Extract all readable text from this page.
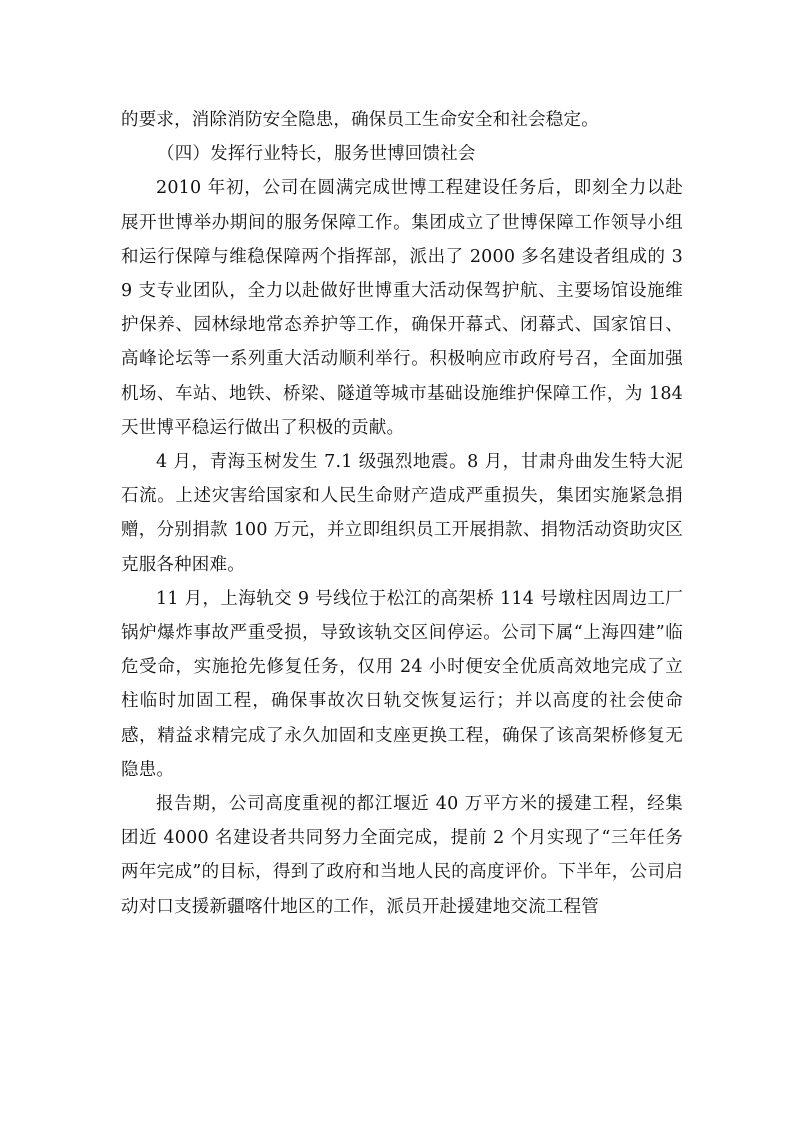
的要求，消除消防安全隐患，确保员工生命安全和社会稳定。

（四）发挥行业特长，服务世博回馈社会

2010 年初，公司在圆满完成世博工程建设任务后，即刻全力以赴展开世博举办期间的服务保障工作。集团成立了世博保障工作领导小组和运行保障与维稳保障两个指挥部，派出了 2000 多名建设者组成的 39 支专业团队，全力以赴做好世博重大活动保驾护航、主要场馆设施维护保养、园林绿地常态养护等工作，确保开幕式、闭幕式、国家馆日、高峰论坛等一系列重大活动顺利举行。积极响应市政府号召，全面加强机场、车站、地铁、桥梁、隧道等城市基础设施维护保障工作，为 184 天世博平稳运行做出了积极的贡献。

4 月，青海玉树发生 7.1 级强烈地震。8 月，甘肃舟曲发生特大泥石流。上述灾害给国家和人民生命财产造成严重损失，集团实施紧急捐赠，分别捐款 100 万元，并立即组织员工开展捐款、捐物活动资助灾区克服各种困难。

11 月，上海轨交 9 号线位于松江的高架桥 114 号墩柱因周边工厂锅炉爆炸事故严重受损，导致该轨交区间停运。公司下属“上海四建”临危受命，实施抢先修复任务，仅用 24 小时便安全优质高效地完成了立柱临时加固工程，确保事故次日轨交恢复运行；并以高度的社会使命感，精益求精完成了永久加固和支座更换工程，确保了该高架桥修复无隐患。

报告期，公司高度重视的都江堰近 40 万平方米的援建工程，经集团近 4000 名建设者共同努力全面完成，提前 2 个月实现了“三年任务两年完成”的目标，得到了政府和当地人民的高度评价。下半年，公司启动对口支援新疆喀什地区的工作，派员开赴援建地交流工程管
